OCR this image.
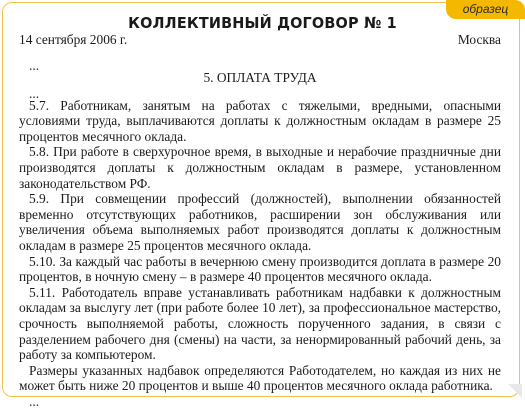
образец
КОЛЛЕКТИВНЫЙ ДОГОВОР № 1
14 сентября 2006 г.	Москва
...
5. ОПЛАТА ТРУДА
...

5.7. Работникам, занятым на работах с тяжелыми, вредными, опасными условиями труда, выплачиваются доплаты к должностным окладам в размере 25 процентов месячного оклада.

5.8. При работе в сверхурочное время, в выходные и нерабочие праздничные дни производятся доплаты к должностным окладам в размере, установленном законодательством РФ.

5.9. При совмещении профессий (должностей), выполнении обязанностей временно отсутствующих работников, расширении зон обслуживания или увеличения объема выполняемых работ производятся доплаты к должностным окладам в размере 25 процентов месячного оклада.

5.10. За каждый час работы в вечернюю смену производится доплата в размере 20 процентов, в ночную смену – в размере 40 процентов месячного оклада.

5.11. Работодатель вправе устанавливать работникам надбавки к должностным окладам за выслугу лет (при работе более 10 лет), за профессиональное мастерство, срочность выполняемой работы, сложность порученного задания, в связи с разделением рабочего дня (смены) на части, за ненормированный рабочий день, за работу за компьютером.

Размеры указанных надбавок определяются Работодателем, но каждая из них не может быть ниже 20 процентов и выше 40 процентов месячного оклада работника.

...
